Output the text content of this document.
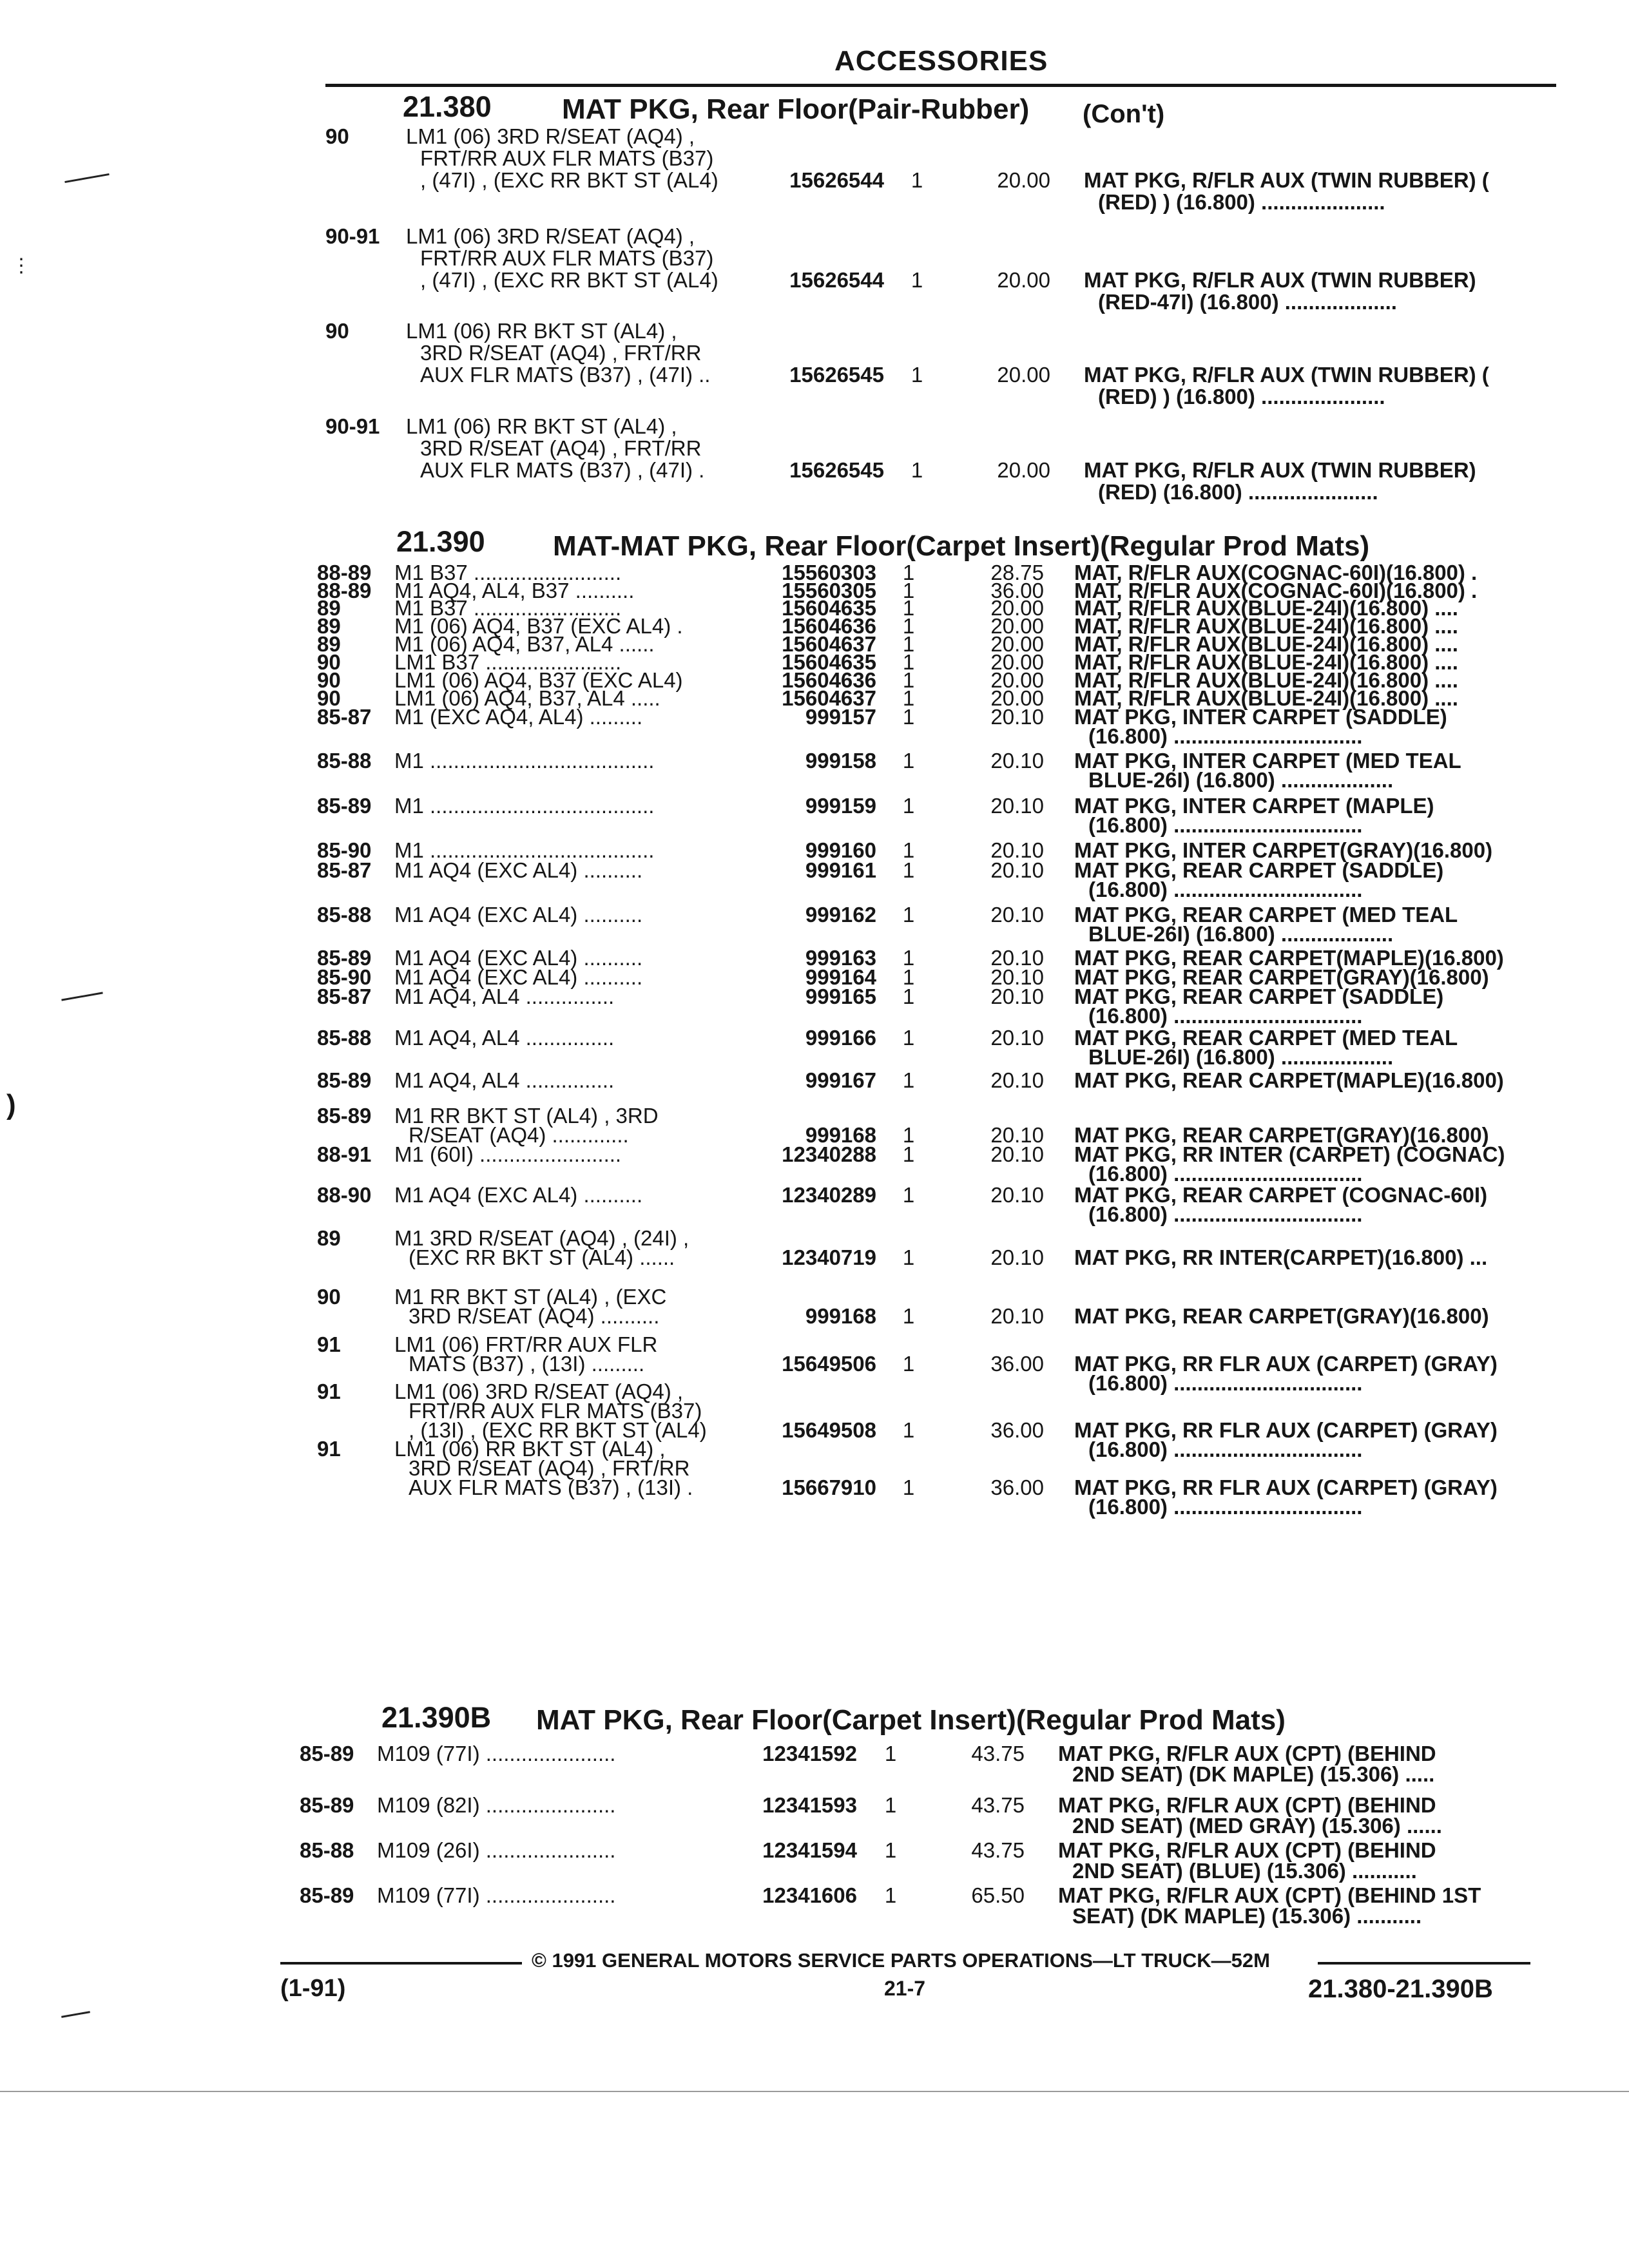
ACCESSORIES
⋮
)
21.380 MAT PKG, Rear Floor(Pair-Rubber) (Con't)
90	LM1 (06) 3RD R/SEAT (AQ4) ,
FRT/RR AUX FLR MATS (B37)
, (47I) , (EXC RR BKT ST (AL4)	15626544 1	20.00 MAT PKG, R/FLR AUX (TWIN RUBBER) (
(RED) ) (16.800) .....................
90-91 LM1 (06) 3RD R/SEAT (AQ4) ,
FRT/RR AUX FLR MATS (B37)
, (47I) , (EXC RR BKT ST (AL4)	15626544 1	20.00 MAT PKG, R/FLR AUX (TWIN RUBBER)
(RED-47I) (16.800) ...................
90	LM1 (06) RR BKT ST (AL4) ,
3RD R/SEAT (AQ4) , FRT/RR
AUX FLR MATS (B37) , (47I) ..	15626545 1	20.00 MAT PKG, R/FLR AUX (TWIN RUBBER) (
(RED) ) (16.800) .....................
90-91 LM1 (06) RR BKT ST (AL4) ,
3RD R/SEAT (AQ4) , FRT/RR
AUX FLR MATS (B37) , (47I) .	15626545 1	20.00 MAT PKG, R/FLR AUX (TWIN RUBBER)
(RED) (16.800) ......................
21.390 MAT-MAT PKG, Rear Floor(Carpet Insert)(Regular Prod Mats)
88-89 M1 B37 .........................	15560303 1	28.75 MAT, R/FLR AUX(COGNAC-60I)(16.800) .
88-89 M1 AQ4, AL4, B37 ..........	15560305 1	36.00 MAT, R/FLR AUX(COGNAC-60I)(16.800) .
89	M1 B37 .........................	15604635 1	20.00 MAT, R/FLR AUX(BLUE-24I)(16.800) ....
89	M1 (06) AQ4, B37 (EXC AL4) .	15604636 1	20.00 MAT, R/FLR AUX(BLUE-24I)(16.800) ....
89	M1 (06) AQ4, B37, AL4 ......	15604637 1	20.00 MAT, R/FLR AUX(BLUE-24I)(16.800) ....
90	LM1 B37 .......................	15604635 1	20.00 MAT, R/FLR AUX(BLUE-24I)(16.800) ....
90	LM1 (06) AQ4, B37 (EXC AL4)	15604636 1	20.00 MAT, R/FLR AUX(BLUE-24I)(16.800) ....
90	LM1 (06) AQ4, B37, AL4 .....	15604637 1	20.00 MAT, R/FLR AUX(BLUE-24I)(16.800) ....
85-87 M1 (EXC AQ4, AL4) .........	999157 1	20.10 MAT PKG, INTER CARPET (SADDLE)
(16.800) ................................
85-88 M1 ......................................	999158 1	20.10 MAT PKG, INTER CARPET (MED TEAL
BLUE-26I) (16.800) ...................
85-89 M1 ......................................	999159 1	20.10 MAT PKG, INTER CARPET (MAPLE)
(16.800) ................................
85-90 M1 ......................................	999160 1	20.10 MAT PKG, INTER CARPET(GRAY)(16.800)
85-87 M1 AQ4 (EXC AL4) ..........	999161 1	20.10 MAT PKG, REAR CARPET (SADDLE)
(16.800) ................................
85-88 M1 AQ4 (EXC AL4) ..........	999162 1	20.10 MAT PKG, REAR CARPET (MED TEAL
BLUE-26I) (16.800) ...................
85-89 M1 AQ4 (EXC AL4) ..........	999163 1	20.10 MAT PKG, REAR CARPET(MAPLE)(16.800)
85-90 M1 AQ4 (EXC AL4) ..........	999164 1	20.10 MAT PKG, REAR CARPET(GRAY)(16.800)
85-87 M1 AQ4, AL4 ...............	999165 1	20.10 MAT PKG, REAR CARPET (SADDLE)
(16.800) ................................
85-88 M1 AQ4, AL4 ...............	999166 1	20.10 MAT PKG, REAR CARPET (MED TEAL
BLUE-26I) (16.800) ...................
85-89 M1 AQ4, AL4 ...............	999167 1	20.10 MAT PKG, REAR CARPET(MAPLE)(16.800)
85-89 M1 RR BKT ST (AL4) , 3RD
R/SEAT (AQ4) .............	999168 1	20.10 MAT PKG, REAR CARPET(GRAY)(16.800)
88-91 M1 (60I) ........................	12340288 1	20.10 MAT PKG, RR INTER (CARPET) (COGNAC)
(16.800) ................................
88-90 M1 AQ4 (EXC AL4) ..........	12340289 1	20.10 MAT PKG, REAR CARPET (COGNAC-60I)
(16.800) ................................
89	M1 3RD R/SEAT (AQ4) , (24I) ,
(EXC RR BKT ST (AL4) ......	12340719 1	20.10 MAT PKG, RR INTER(CARPET)(16.800) ...
90	M1 RR BKT ST (AL4) , (EXC
3RD R/SEAT (AQ4) ..........	999168 1	20.10 MAT PKG, REAR CARPET(GRAY)(16.800)
91	LM1 (06) FRT/RR AUX FLR
MATS (B37) , (13I) .........	15649506 1	36.00 MAT PKG, RR FLR AUX (CARPET) (GRAY)
(16.800) ................................
91	LM1 (06) 3RD R/SEAT (AQ4) ,
FRT/RR AUX FLR MATS (B37)
, (13I) , (EXC RR BKT ST (AL4)	15649508 1	36.00 MAT PKG, RR FLR AUX (CARPET) (GRAY)
(16.800) ................................
91	LM1 (06) RR BKT ST (AL4) ,
3RD R/SEAT (AQ4) , FRT/RR
AUX FLR MATS (B37) , (13I) .	15667910 1	36.00 MAT PKG, RR FLR AUX (CARPET) (GRAY)
(16.800) ................................
21.390B MAT PKG, Rear Floor(Carpet Insert)(Regular Prod Mats)
85-89 M109 (77I) ......................	12341592 1	43.75 MAT PKG, R/FLR AUX (CPT) (BEHIND
2ND SEAT) (DK MAPLE) (15.306) .....
85-89 M109 (82I) ......................	12341593 1	43.75 MAT PKG, R/FLR AUX (CPT) (BEHIND
2ND SEAT) (MED GRAY) (15.306) ......
85-88 M109 (26I) ......................	12341594 1	43.75 MAT PKG, R/FLR AUX (CPT) (BEHIND
2ND SEAT) (BLUE) (15.306) ...........
85-89 M109 (77I) ......................	12341606 1	65.50 MAT PKG, R/FLR AUX (CPT) (BEHIND 1ST
SEAT) (DK MAPLE) (15.306) ...........
© 1991 GENERAL MOTORS SERVICE PARTS OPERATIONS—LT TRUCK—52M
(1-91)	21-7	21.380-21.390B
